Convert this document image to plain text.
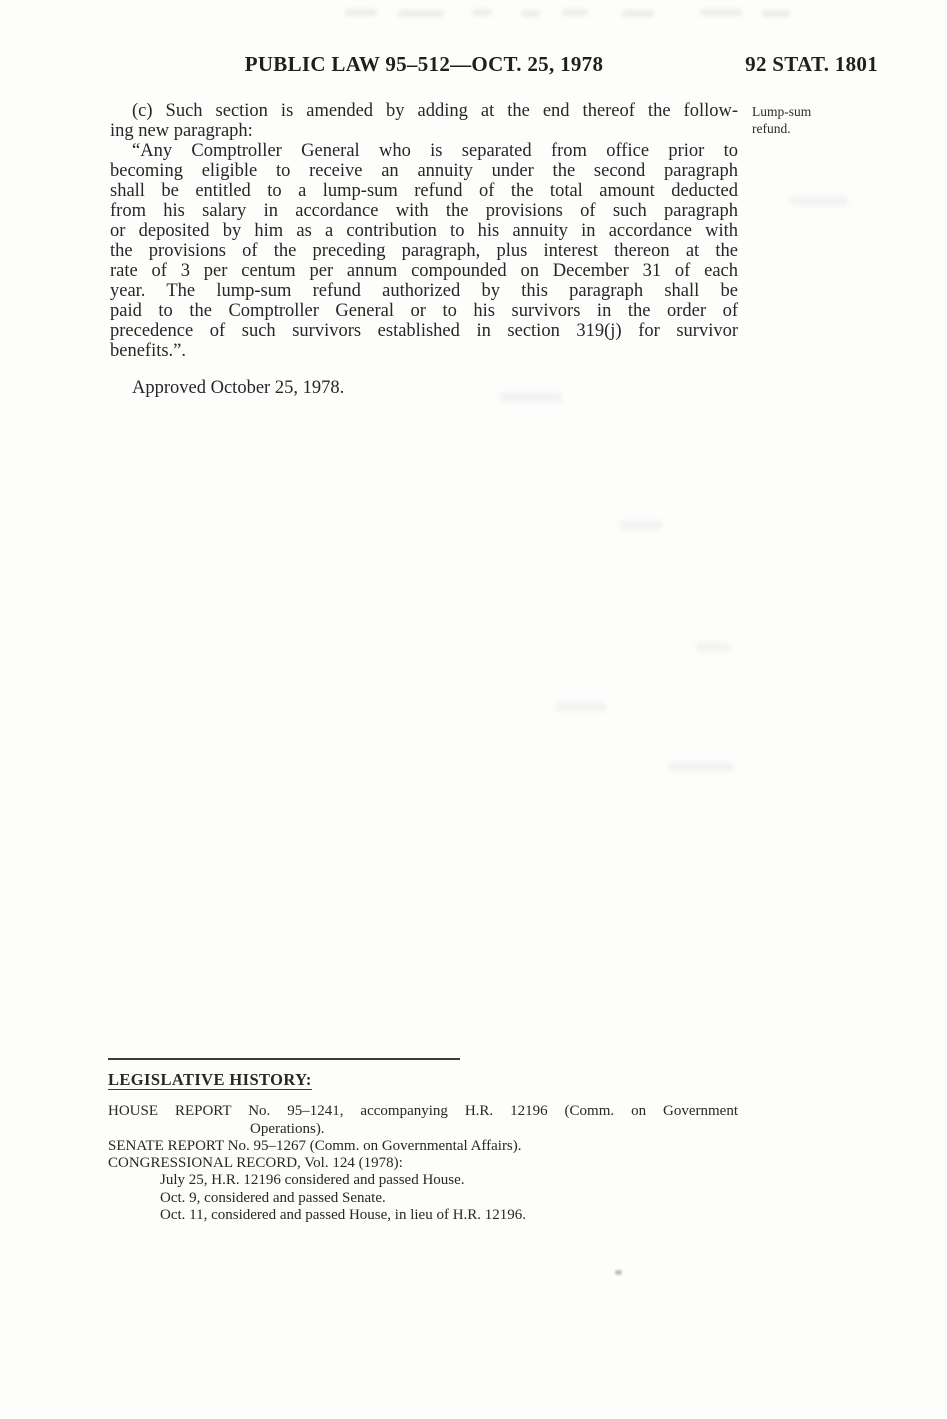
PUBLIC LAW 95–512—OCT. 25, 1978	92 STAT. 1801
Lump-sum
refund.
(c) Such section is amended by adding at the end thereof the follow-
ing new paragraph:
“Any Comptroller General who is separated from office prior to
becoming eligible to receive an annuity under the second paragraph
shall be entitled to a lump-sum refund of the total amount deducted
from his salary in accordance with the provisions of such paragraph
or deposited by him as a contribution to his annuity in accordance with
the provisions of the preceding paragraph, plus interest thereon at the
rate of 3 per centum per annum compounded on December 31 of each
year. The lump-sum refund authorized by this paragraph shall be
paid to the Comptroller General or to his survivors in the order of
precedence of such survivors established in section 319(j) for survivor
benefits.”.
Approved October 25, 1978.
LEGISLATIVE HISTORY:
HOUSE REPORT No. 95–1241, accompanying H.R. 12196 (Comm. on Government
Operations).
SENATE REPORT No. 95–1267 (Comm. on Governmental Affairs).
CONGRESSIONAL RECORD, Vol. 124 (1978):
July 25, H.R. 12196 considered and passed House.
Oct. 9, considered and passed Senate.
Oct. 11, considered and passed House, in lieu of H.R. 12196.
